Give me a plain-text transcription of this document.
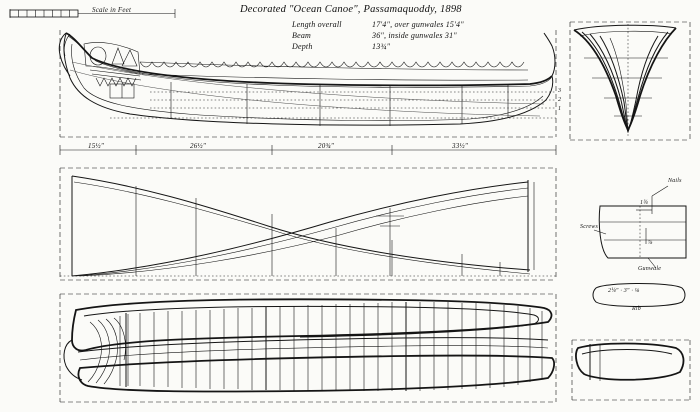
Decorated "Ocean Canoe", Passamaquoddy, 1898
Scale in Feet
Length overall	17'4", over gunwales 15'4"
Beam	36", inside gunwales 31"
Depth	13¾"
15½"	26½"	20¾"	33½"
3
2
1
Nails
Screws
Gunwale
1¾
⅞
2¼" · 3" · ⅛
Rib
